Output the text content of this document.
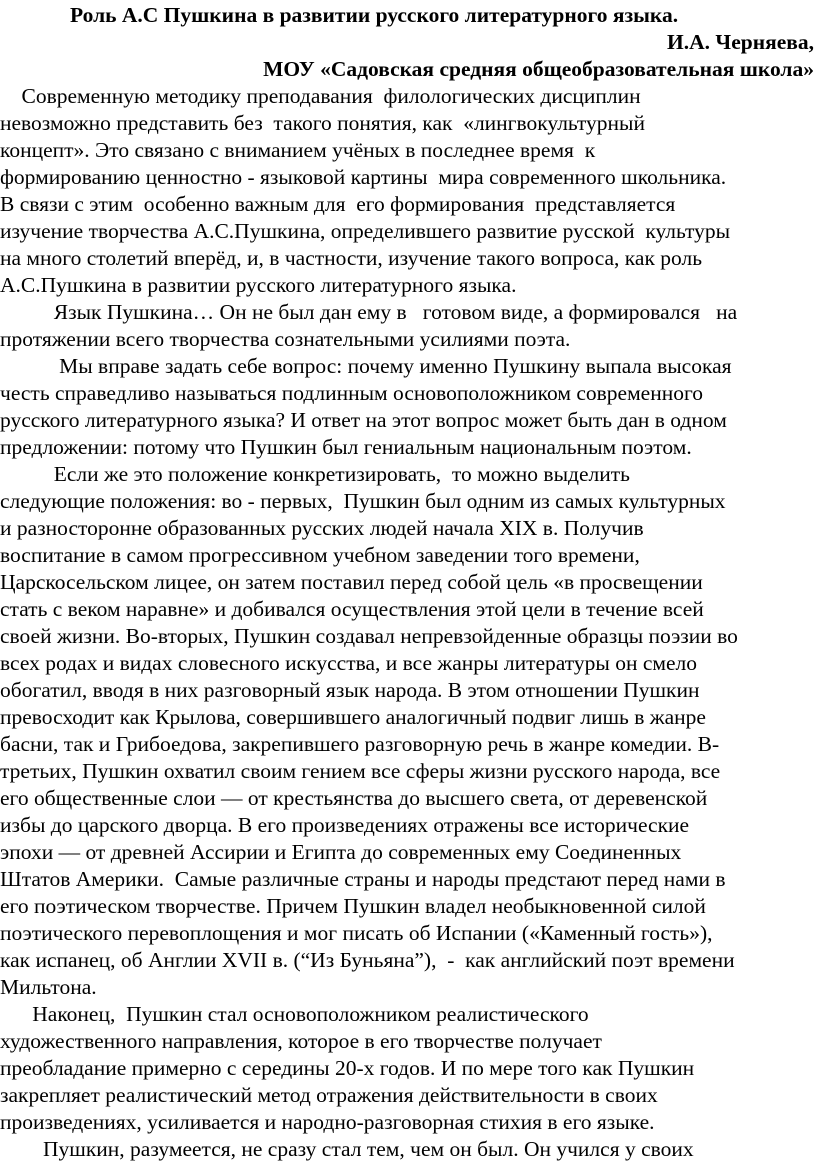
Роль А.С Пушкина в развитии русского литературного языка.
И.А. Черняева,
МОУ «Садовская средняя общеобразовательная школа»
Современную методику преподавания  филологических дисциплин
невозможно представить без  такого понятия, как  «лингвокультурный
концепт». Это связано с вниманием учёных в последнее время  к
формированию ценностно - языковой картины  мира современного школьника.
В связи с этим  особенно важным для  его формирования  представляется
изучение творчества А.С.Пушкина, определившего развитие русской  культуры
на много столетий вперёд, и, в частности, изучение такого вопроса, как роль
А.С.Пушкина в развитии русского литературного языка.
Язык Пушкина… Он не был дан ему в   готовом виде, а формировался   на
протяжении всего творчества сознательными усилиями поэта.
Мы вправе задать себе вопрос: почему именно Пушкину выпала высокая
честь справедливо называться подлинным основоположником современного
русского литературного языка? И ответ на этот вопрос может быть дан в одном
предложении: потому что Пушкин был гениальным национальным поэтом.
Если же это положение конкретизировать,  то можно выделить
следующие положения: во - первых,  Пушкин был одним из самых культурных
и разносторонне образованных русских людей начала XIX в. Получив
воспитание в самом прогрессивном учебном заведении того времени,
Царскосельском лицее, он затем поставил перед собой цель «в просвещении
стать с веком наравне» и добивался осуществления этой цели в течение всей
своей жизни. Во-вторых, Пушкин создавал непревзойденные образцы поэзии во
всех родах и видах словесного искусства, и все жанры литературы он смело
обогатил, вводя в них разговорный язык народа. В этом отношении Пушкин
превосходит как Крылова, совершившего аналогичный подвиг лишь в жанре
басни, так и Грибоедова, закрепившего разговорную речь в жанре комедии. В-
третьих, Пушкин охватил своим гением все сферы жизни русского народа, все
его общественные слои — от крестьянства до высшего света, от деревенской
избы до царского дворца. В его произведениях отражены все исторические
эпохи — от древней Ассирии и Египта до современных ему Соединенных
Штатов Америки.  Самые различные страны и народы предстают перед нами в
его поэтическом творчестве. Причем Пушкин владел необыкновенной силой
поэтического перевоплощения и мог писать об Испании («Каменный гость»),
как испанец, об Англии XVII в. (“Из Буньяна”),  -  как английский поэт времени
Мильтона.
Наконец,  Пушкин стал основоположником реалистического
художественного направления, которое в его творчестве получает
преобладание примерно с середины 20-х годов. И по мере того как Пушкин
закрепляет реалистический метод отражения действительности в своих
произведениях, усиливается и народно-разговорная стихия в его языке.
Пушкин, разумеется, не сразу стал тем, чем он был. Он учился у своих
